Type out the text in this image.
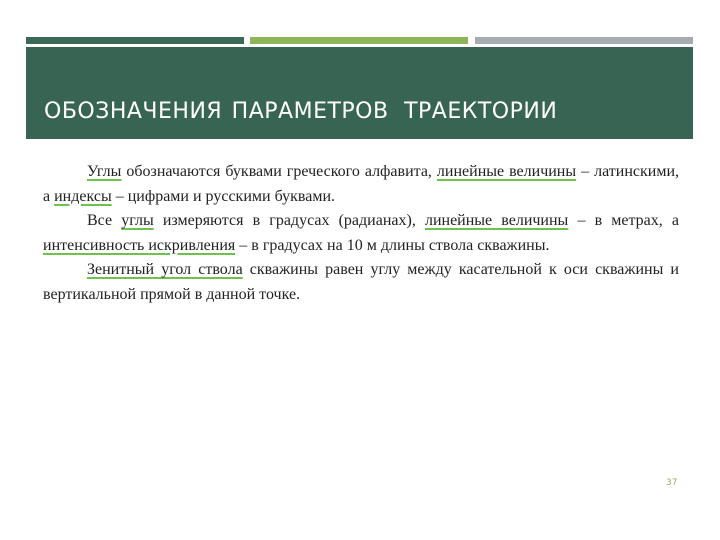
ОБОЗНАЧЕНИЯ ПАРАМЕТРОВ ТРАЕКТОРИИ

Углы обозначаются буквами греческого алфавита, линейные величины – латинскими, а индексы – цифрами и русскими буквами.

Все углы измеряются в градусах (радианах), линейные величины – в метрах, а интенсивность искривления – в градусах на 10 м длины ствола скважины.

Зенитный угол ствола скважины равен углу между касательной к оси скважины и вертикальной прямой в данной точке.

37
